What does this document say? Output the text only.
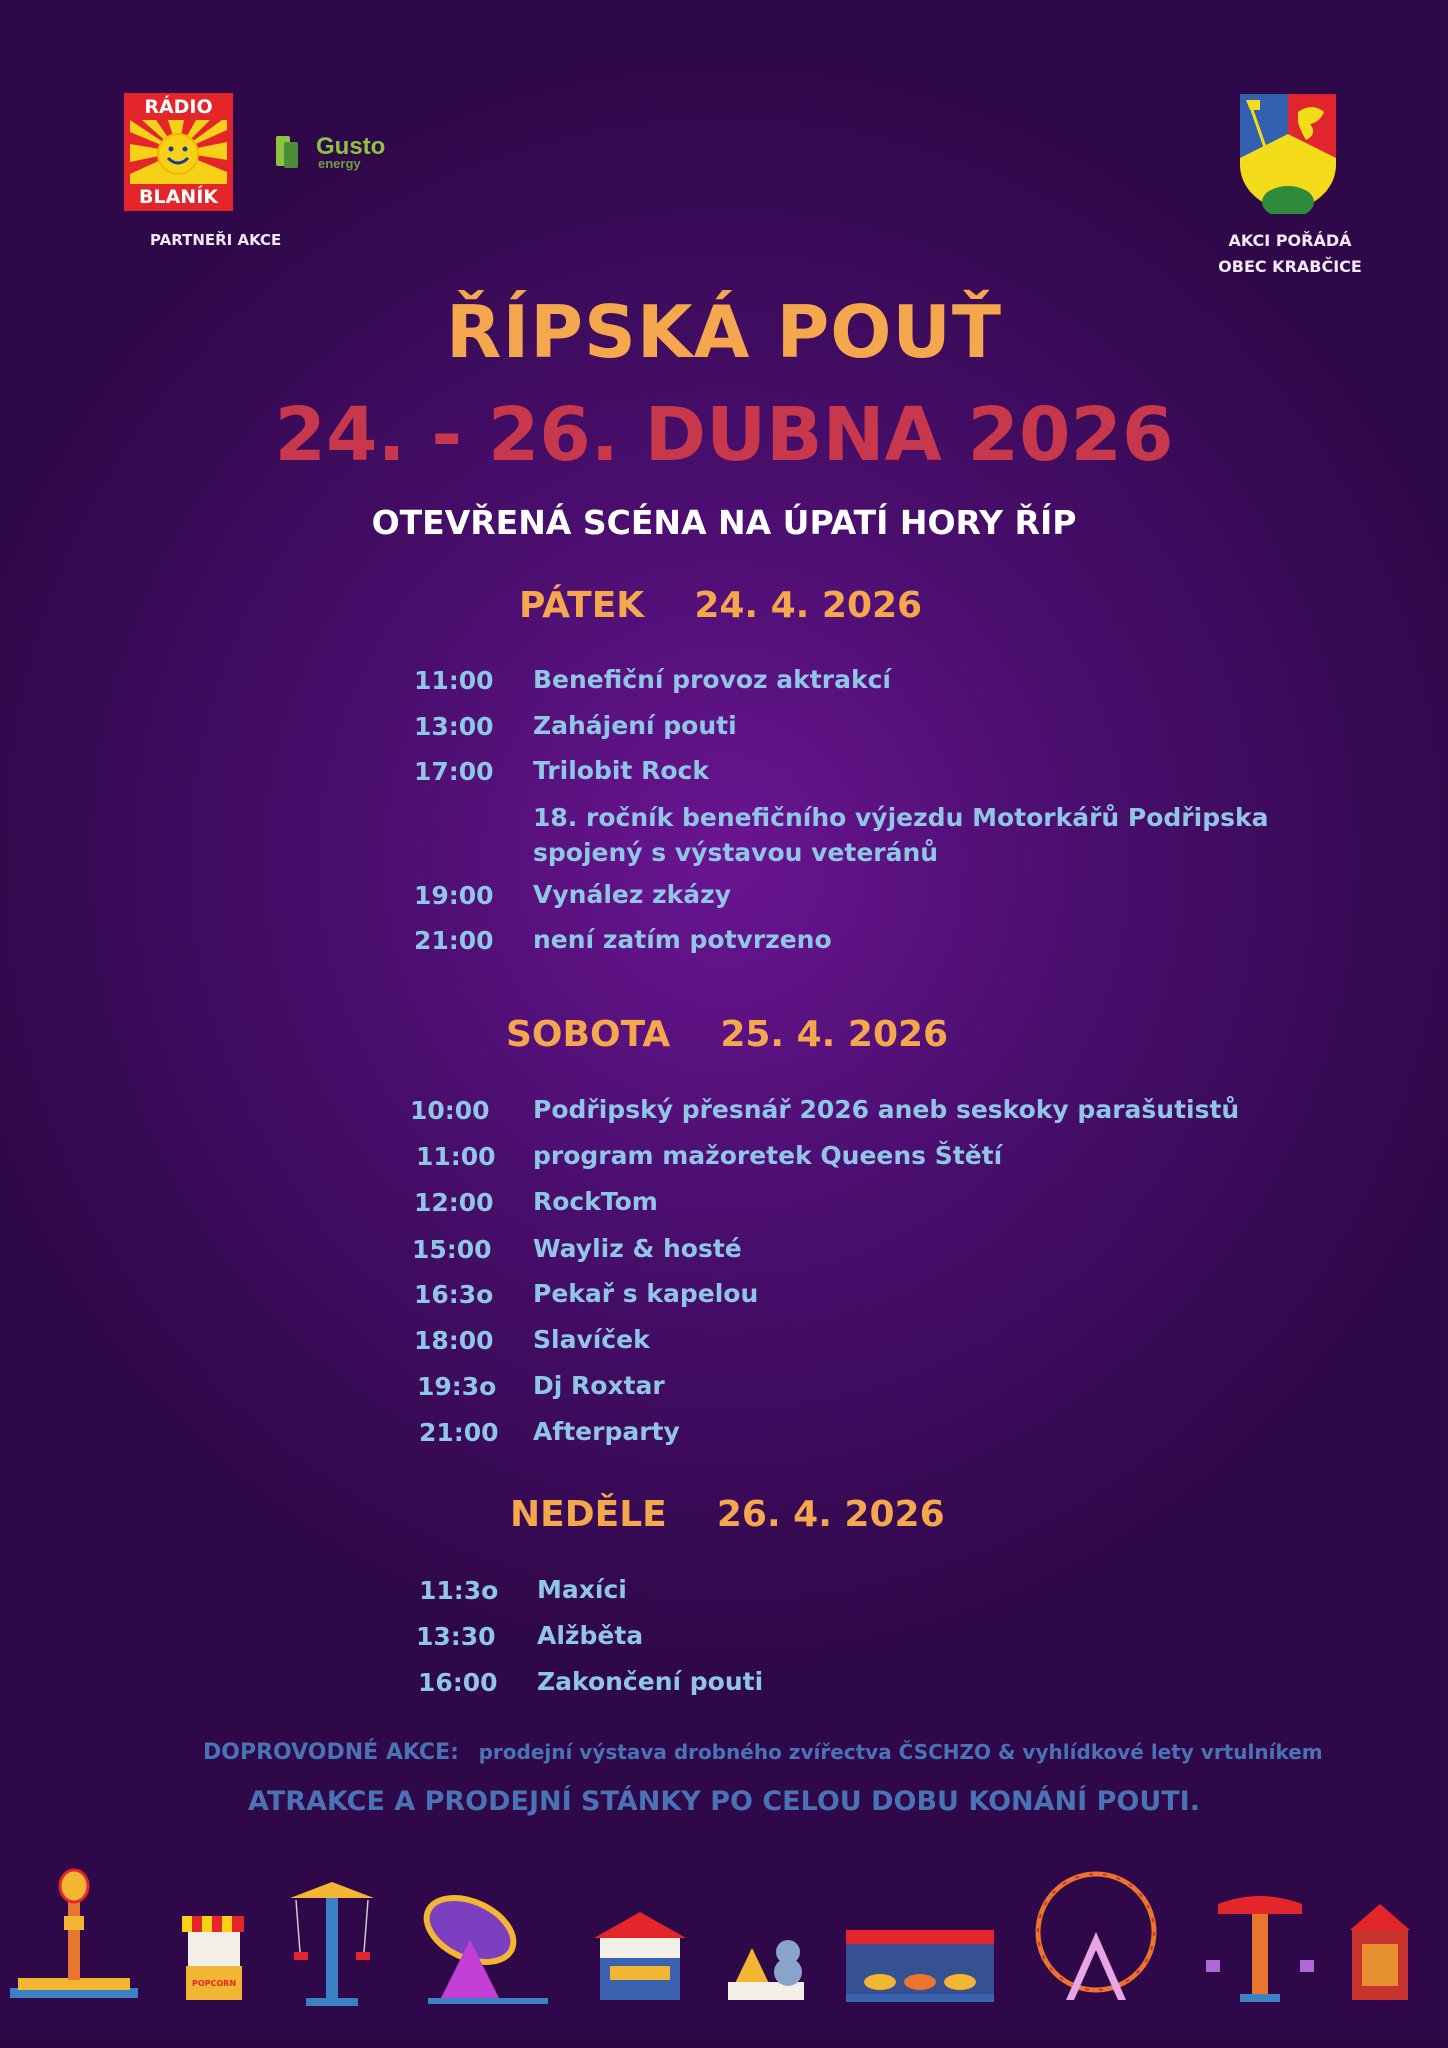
RÁDIO
BLANÍK
Gusto
energy
PARTNEŘI AKCE	AKCI POŘÁDÁ
OBEC KRABČICE
ŘÍPSKÁ POUŤ
24. - 26. DUBNA 2026
OTEVŘENÁ SCÉNA NA ÚPATÍ HORY ŘÍP
PÁTEK    24. 4. 2026
11:00 Benefiční provoz aktrakcí
13:00 Zahájení pouti
17:00 Trilobit Rock
18. ročník benefičního výjezdu Motorkářů Podřipska
spojený s výstavou veteránů
19:00 Vynález zkázy
21:00 není zatím potvrzeno
SOBOTA    25. 4. 2026
10:00 Podřipský přesnář 2026 aneb seskoky parašutistů
11:00 program mažoretek Queens Štětí
12:00 RockTom
15:00 Wayliz & hosté
16:3o Pekař s kapelou
18:00 Slavíček
19:3o Dj Roxtar
21:00 Afterparty
NEDĚLE    26. 4. 2026
11:3o Maxíci
13:30 Alžběta
16:00 Zakončení pouti
DOPROVODNÉ AKCE: prodejní výstava drobného zvířectva ČSCHZO & vyhlídkové lety vrtulníkem
ATRAKCE A PRODEJNÍ STÁNKY PO CELOU DOBU KONÁNÍ POUTI.
POPCORN
